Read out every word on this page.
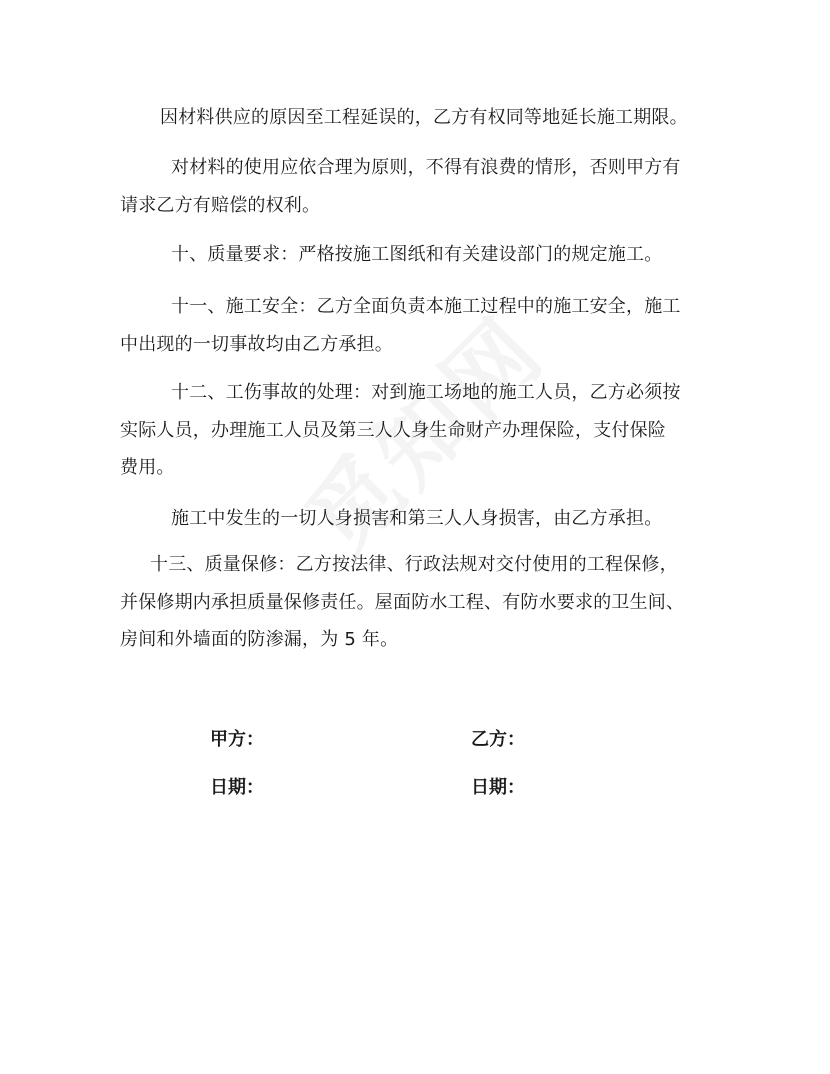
因材料供应的原因至工程延误的，乙方有权同等地延长施工期限。
对材料的使用应依合理为原则，不得有浪费的情形，否则甲方有
请求乙方有赔偿的权利。
十、质量要求：严格按施工图纸和有关建设部门的规定施工。
十一、施工安全：乙方全面负责本施工过程中的施工安全，施工
中出现的一切事故均由乙方承担。
十二、工伤事故的处理：对到施工场地的施工人员，乙方必须按
实际人员，办理施工人员及第三人人身生命财产办理保险，支付保险
费用。
施工中发生的一切人身损害和第三人人身损害，由乙方承担。
十三、质量保修：乙方按法律、行政法规对交付使用的工程保修，
并保修期内承担质量保修责任。屋面防水工程、有防水要求的卫生间、
房间和外墙面的防渗漏，为 5 年。
甲方：	乙方：
日期：	日期：
